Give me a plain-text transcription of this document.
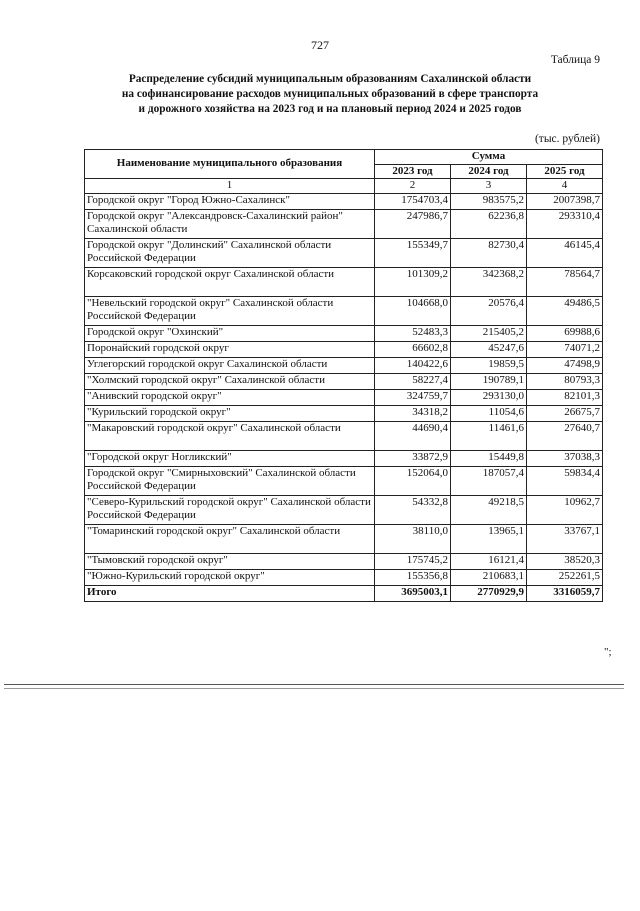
727
Таблица 9
Распределение субсидий муниципальным образованиям Сахалинской области
на софинансирование расходов муниципальных образований в сфере транспорта
и дорожного хозяйства на 2023 год и на плановый период 2024 и 2025 годов
(тыс. рублей)
Наименование муниципального образования	Сумма		
	2023 год	2024 год	2025 год
1	2	3	4
Городской округ "Город Южно-Сахалинск"	1754703,4	983575,2	2007398,7
Городской округ "Александровск-Сахалинский район" Сахалинской области	247986,7	62236,8	293310,4
Городской округ "Долинский" Сахалинской области Российской Федерации	155349,7	82730,4	46145,4
Корсаковский городской округ Сахалинской области	101309,2	342368,2	78564,7
"Невельский городской округ" Сахалинской области Российской Федерации	104668,0	20576,4	49486,5
Городской округ "Охинский"	52483,3	215405,2	69988,6
Поронайский городской округ	66602,8	45247,6	74071,2
Углегорский городской округ Сахалинской области	140422,6	19859,5	47498,9
"Холмский городской округ" Сахалинской области	58227,4	190789,1	80793,3
"Анивский городской округ"	324759,7	293130,0	82101,3
"Курильский городской округ"	34318,2	11054,6	26675,7
"Макаровский городской округ" Сахалинской области	44690,4	11461,6	27640,7
"Городской округ Ногликский"	33872,9	15449,8	37038,3
Городской округ "Смирныховский" Сахалинской области Российской Федерации	152064,0	187057,4	59834,4
"Северо-Курильский городской округ" Сахалинской области Российской Федерации	54332,8	49218,5	10962,7
"Томаринский городской округ" Сахалинской области	38110,0	13965,1	33767,1
"Тымовский городской округ"	175745,2	16121,4	38520,3
"Южно-Курильский городской округ"	155356,8	210683,1	252261,5
Итого	3695003,1	2770929,9	3316059,7
";
